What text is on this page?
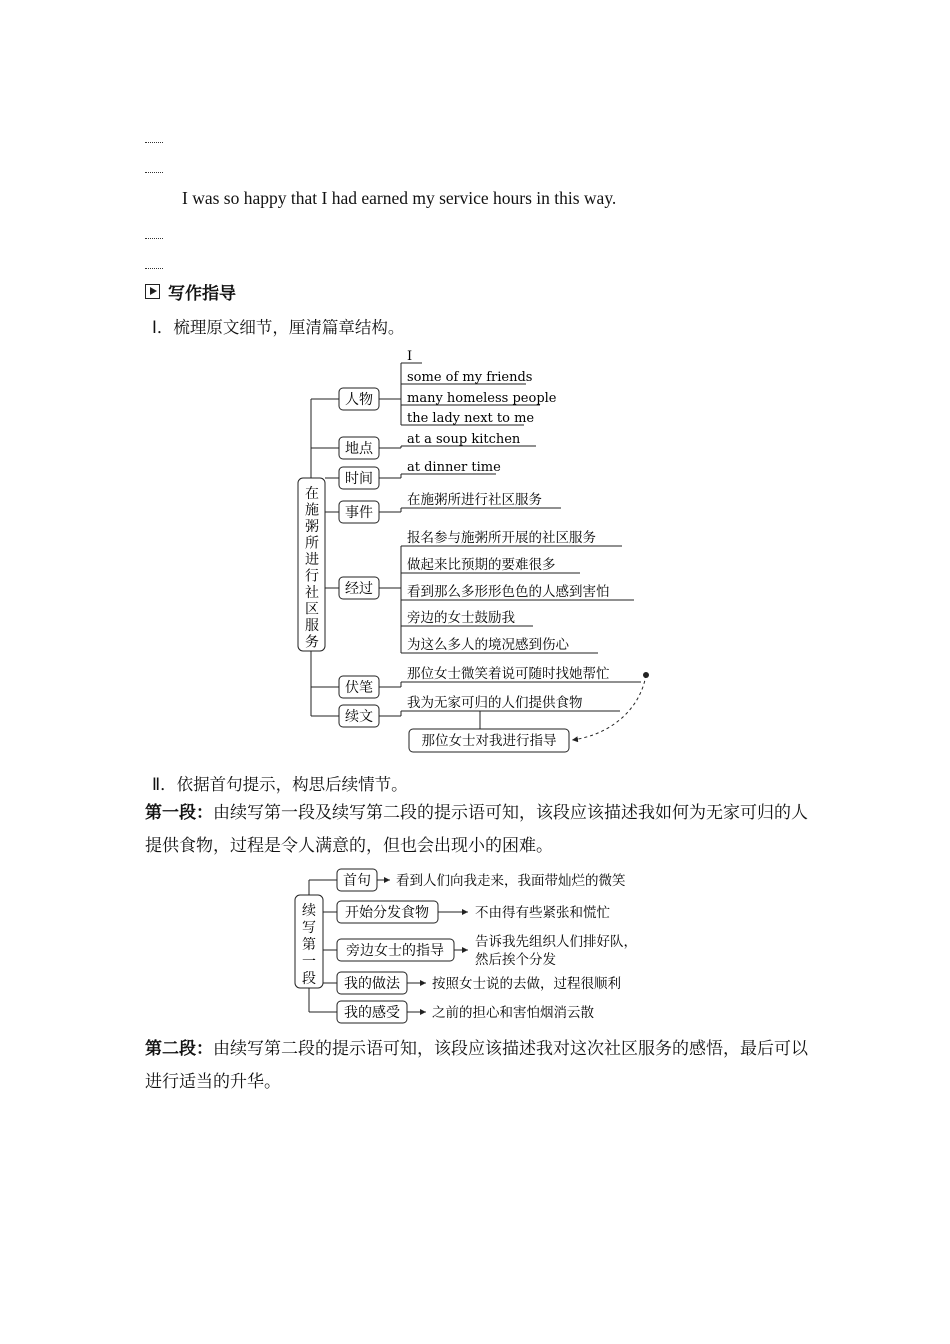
I was so happy that I had earned my service hours in this way.
写作指导
Ⅰ．梳理原文细节，厘清篇章结构。
在施粥所进行社区服务
人物
地点
时间
事件
经过
伏笔
续文
I
some of my friends
many homeless people
the lady next to me
at a soup kitchen
at dinner time
在施粥所进行社区服务
报名参与施粥所开展的社区服务
做起来比预期的要难很多
看到那么多形形色色的人感到害怕
旁边的女士鼓励我
为这么多人的境况感到伤心
那位女士微笑着说可随时找她帮忙
我为无家可归的人们提供食物
那位女士对我进行指导
Ⅱ．依据首句提示，构思后续情节。
第一段：由续写第一段及续写第二段的提示语可知，该段应该描述我如何为无家可归的人提供食物，过程是令人满意的，但也会出现小的困难。
续写第一段
首句
开始分发食物
旁边女士的指导
我的做法
我的感受
看到人们向我走来，我面带灿烂的微笑
不由得有些紧张和慌忙
告诉我先组织人们排好队，
然后挨个分发
按照女士说的去做，过程很顺利
之前的担心和害怕烟消云散
第二段：由续写第二段的提示语可知，该段应该描述我对这次社区服务的感悟，最后可以进行适当的升华。
